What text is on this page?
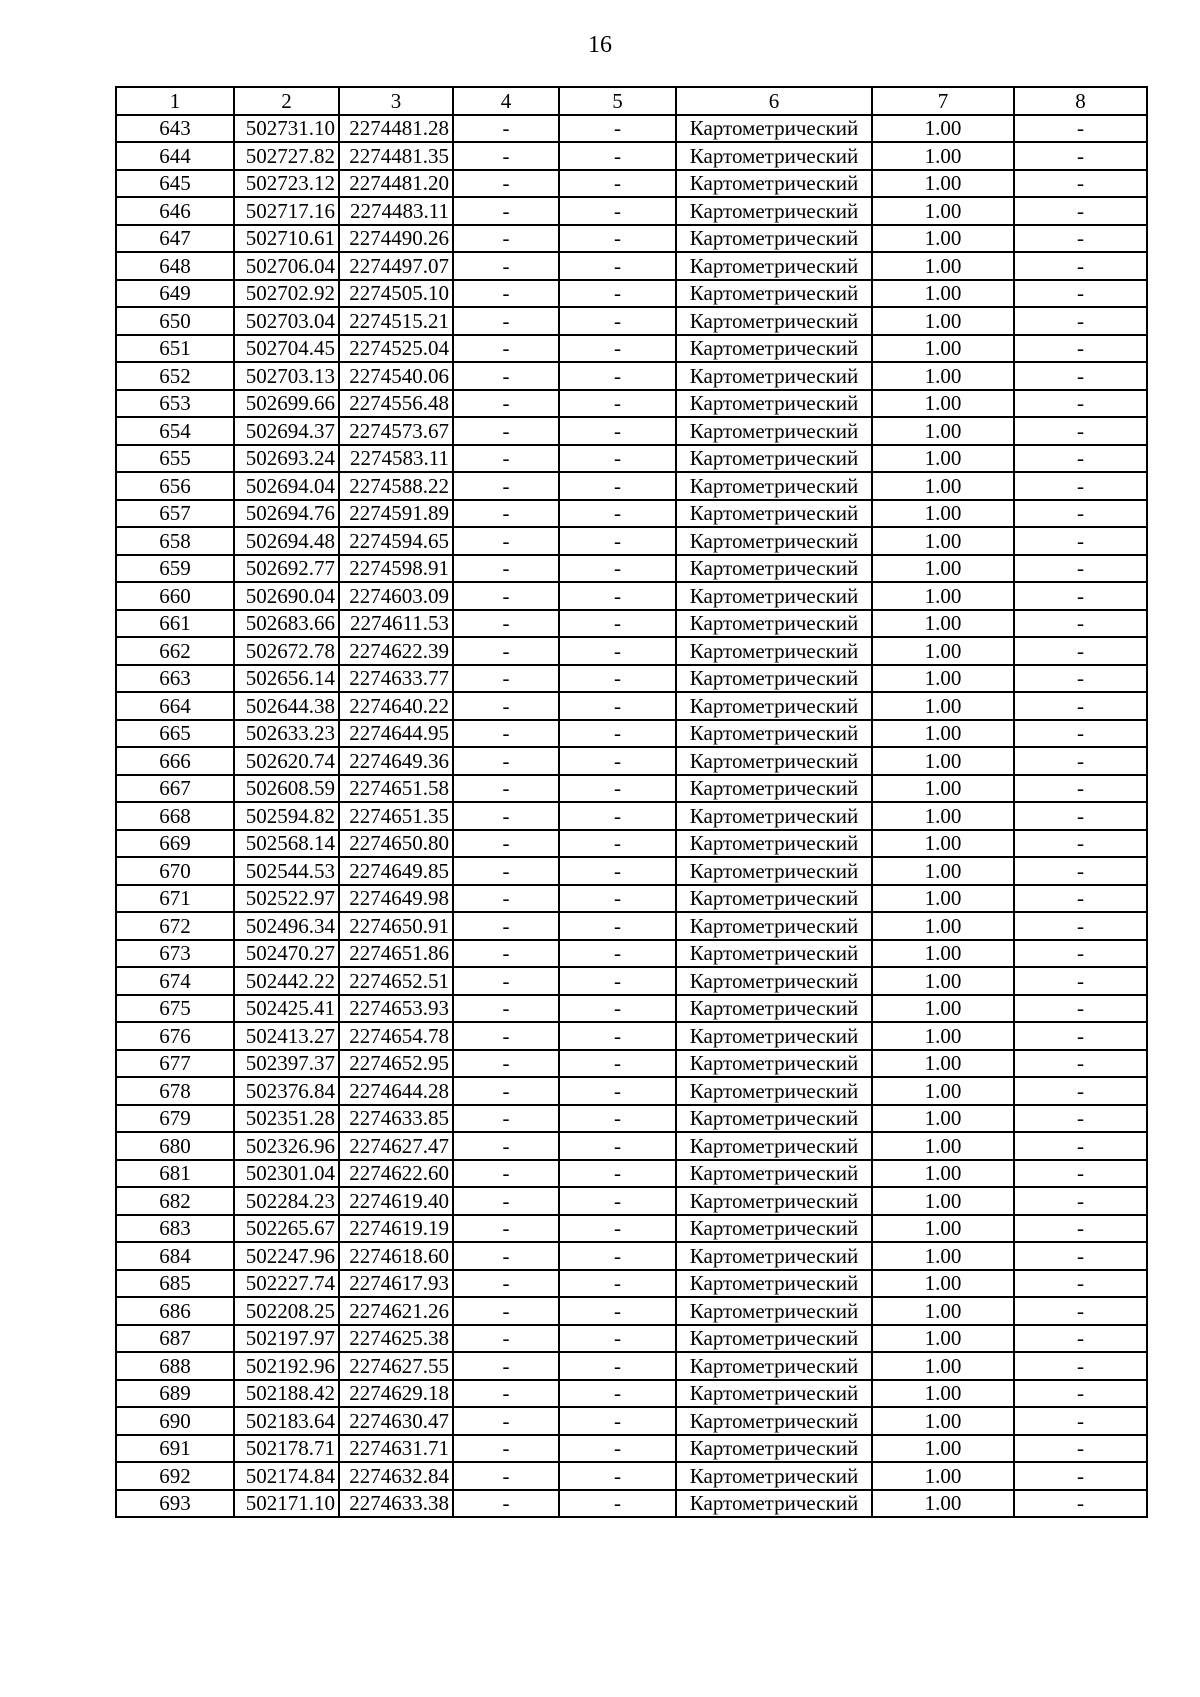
16
1	2	3	4	5	6	7	8
643	502731.10	2274481.28	-	-	Картометрический	1.00	-
644	502727.82	2274481.35	-	-	Картометрический	1.00	-
645	502723.12	2274481.20	-	-	Картометрический	1.00	-
646	502717.16	2274483.11	-	-	Картометрический	1.00	-
647	502710.61	2274490.26	-	-	Картометрический	1.00	-
648	502706.04	2274497.07	-	-	Картометрический	1.00	-
649	502702.92	2274505.10	-	-	Картометрический	1.00	-
650	502703.04	2274515.21	-	-	Картометрический	1.00	-
651	502704.45	2274525.04	-	-	Картометрический	1.00	-
652	502703.13	2274540.06	-	-	Картометрический	1.00	-
653	502699.66	2274556.48	-	-	Картометрический	1.00	-
654	502694.37	2274573.67	-	-	Картометрический	1.00	-
655	502693.24	2274583.11	-	-	Картометрический	1.00	-
656	502694.04	2274588.22	-	-	Картометрический	1.00	-
657	502694.76	2274591.89	-	-	Картометрический	1.00	-
658	502694.48	2274594.65	-	-	Картометрический	1.00	-
659	502692.77	2274598.91	-	-	Картометрический	1.00	-
660	502690.04	2274603.09	-	-	Картометрический	1.00	-
661	502683.66	2274611.53	-	-	Картометрический	1.00	-
662	502672.78	2274622.39	-	-	Картометрический	1.00	-
663	502656.14	2274633.77	-	-	Картометрический	1.00	-
664	502644.38	2274640.22	-	-	Картометрический	1.00	-
665	502633.23	2274644.95	-	-	Картометрический	1.00	-
666	502620.74	2274649.36	-	-	Картометрический	1.00	-
667	502608.59	2274651.58	-	-	Картометрический	1.00	-
668	502594.82	2274651.35	-	-	Картометрический	1.00	-
669	502568.14	2274650.80	-	-	Картометрический	1.00	-
670	502544.53	2274649.85	-	-	Картометрический	1.00	-
671	502522.97	2274649.98	-	-	Картометрический	1.00	-
672	502496.34	2274650.91	-	-	Картометрический	1.00	-
673	502470.27	2274651.86	-	-	Картометрический	1.00	-
674	502442.22	2274652.51	-	-	Картометрический	1.00	-
675	502425.41	2274653.93	-	-	Картометрический	1.00	-
676	502413.27	2274654.78	-	-	Картометрический	1.00	-
677	502397.37	2274652.95	-	-	Картометрический	1.00	-
678	502376.84	2274644.28	-	-	Картометрический	1.00	-
679	502351.28	2274633.85	-	-	Картометрический	1.00	-
680	502326.96	2274627.47	-	-	Картометрический	1.00	-
681	502301.04	2274622.60	-	-	Картометрический	1.00	-
682	502284.23	2274619.40	-	-	Картометрический	1.00	-
683	502265.67	2274619.19	-	-	Картометрический	1.00	-
684	502247.96	2274618.60	-	-	Картометрический	1.00	-
685	502227.74	2274617.93	-	-	Картометрический	1.00	-
686	502208.25	2274621.26	-	-	Картометрический	1.00	-
687	502197.97	2274625.38	-	-	Картометрический	1.00	-
688	502192.96	2274627.55	-	-	Картометрический	1.00	-
689	502188.42	2274629.18	-	-	Картометрический	1.00	-
690	502183.64	2274630.47	-	-	Картометрический	1.00	-
691	502178.71	2274631.71	-	-	Картометрический	1.00	-
692	502174.84	2274632.84	-	-	Картометрический	1.00	-
693	502171.10	2274633.38	-	-	Картометрический	1.00	-
